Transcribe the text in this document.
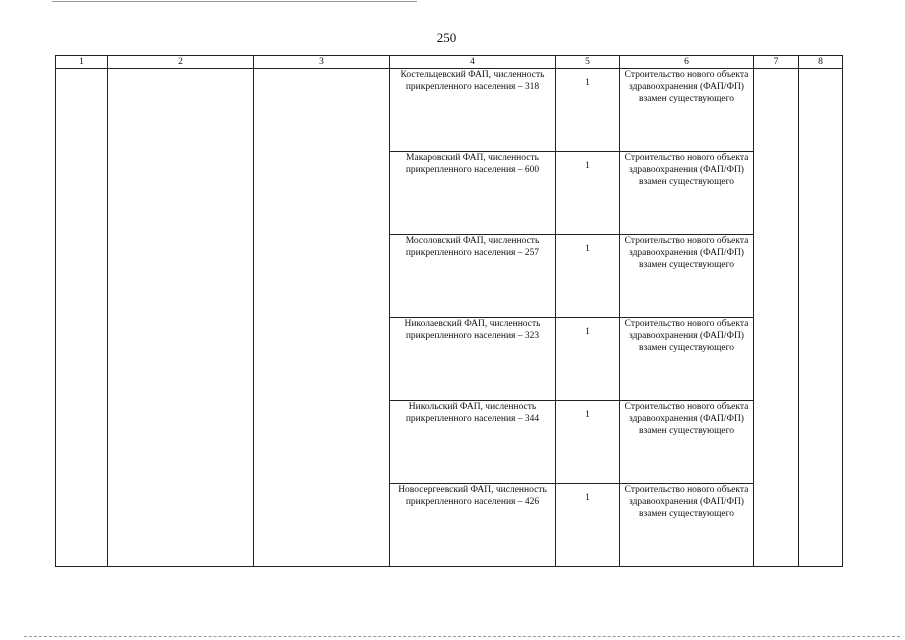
250
1	2	3	4	5	6	7	8
			Костельцевский ФАП, численность прикрепленного населения – 318	1	Строительство нового объекта здравоохранения (ФАП/ФП) взамен существующего		
			Макаровский ФАП, численность прикрепленного населения – 600	1	Строительство нового объекта здравоохранения (ФАП/ФП) взамен существующего		
			Мосоловский ФАП, численность прикрепленного населения – 257	1	Строительство нового объекта здравоохранения (ФАП/ФП) взамен существующего		
			Николаевский ФАП, численность прикрепленного населения – 323	1	Строительство нового объекта здравоохранения (ФАП/ФП) взамен существующего		
			Никольский ФАП, численность прикрепленного населения – 344	1	Строительство нового объекта здравоохранения (ФАП/ФП) взамен существующего		
			Новосергеевский ФАП, численность прикрепленного населения – 426	1	Строительство нового объекта здравоохранения (ФАП/ФП) взамен существующего		
